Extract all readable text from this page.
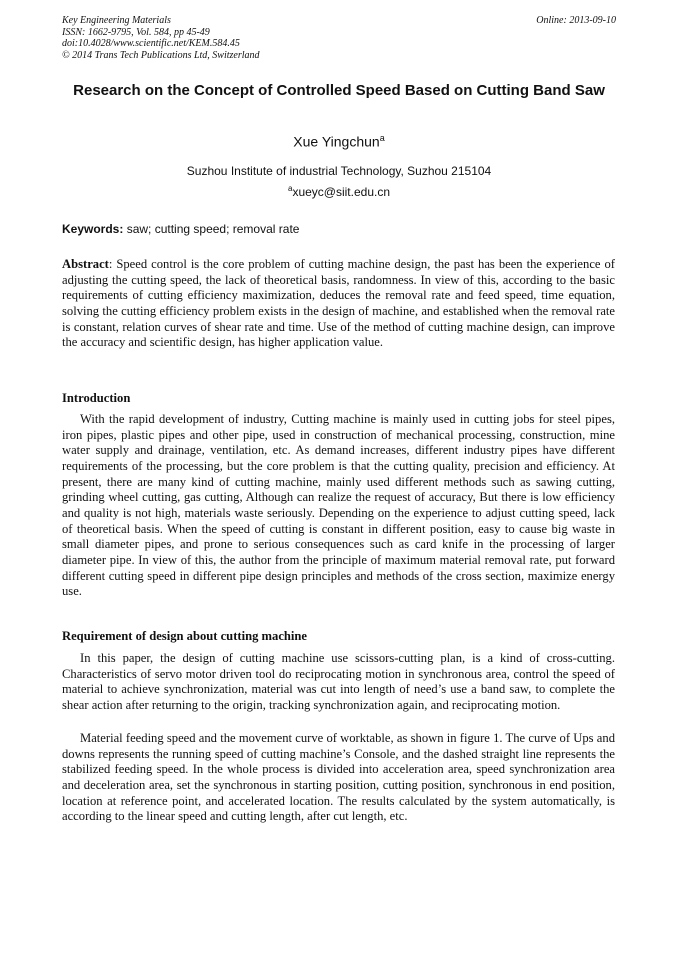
Key Engineering Materials
ISSN: 1662-9795, Vol. 584, pp 45-49
doi:10.4028/www.scientific.net/KEM.584.45
© 2014 Trans Tech Publications Ltd, Switzerland
Online: 2013-09-10
Research on the Concept of Controlled Speed Based on Cutting Band Saw
Xue Yingchun$^a$
Suzhou Institute of industrial Technology, Suzhou 215104
$^a$xueyc@siit.edu.cn
Keywords: saw; cutting speed; removal rate

Abstract: Speed control is the core problem of cutting machine design, the past has been the experience of adjusting the cutting speed, the lack of theoretical basis, randomness. In view of this, according to the basic requirements of cutting efficiency maximization, deduces the removal rate and feed speed, time equation, solving the cutting efficiency problem exists in the design of machine, and established when the removal rate is constant, relation curves of shear rate and time. Use of the method of cutting machine design, can improve the accuracy and scientific design, has higher application value.

Introduction

With the rapid development of industry, Cutting machine is mainly used in cutting jobs for steel pipes, iron pipes, plastic pipes and other pipe, used in construction of mechanical processing, construction, mine water supply and drainage, ventilation, etc. As demand increases, different industry pipes have different requirements of the processing, but the core problem is that the cutting quality, precision and efficiency. At present, there are many kind of cutting machine, mainly used different methods such as sawing cutting, grinding wheel cutting, gas cutting, Although can realize the request of accuracy, But there is low efficiency and quality is not high, materials waste seriously. Depending on the experience to adjust cutting speed, lack of theoretical basis. When the speed of cutting is constant in different position, easy to cause big waste in small diameter pipes, and prone to serious consequences such as card knife in the processing of larger diameter pipe. In view of this, the author from the principle of maximum material removal rate, put forward different cutting speed in different pipe design principles and methods of the cross section, maximize energy use.

Requirement of design about cutting machine

In this paper, the design of cutting machine use scissors-cutting plan, is a kind of cross-cutting. Characteristics of servo motor driven tool do reciprocating motion in synchronous area, control the speed of material to achieve synchronization, material was cut into length of need’s use a band saw, to complete the shear action after returning to the origin, tracking synchronization again, and reciprocating motion.

Material feeding speed and the movement curve of worktable, as shown in figure 1. The curve of Ups and downs represents the running speed of cutting machine’s Console, and the dashed straight line represents the stabilized feeding speed. In the whole process is divided into acceleration area, speed synchronization area and deceleration area, set the synchronous in starting position, cutting position, synchronous in end position, location at reference point, and accelerated location. The results calculated by the system automatically, is according to the linear speed and cutting length, after cut length, etc.
